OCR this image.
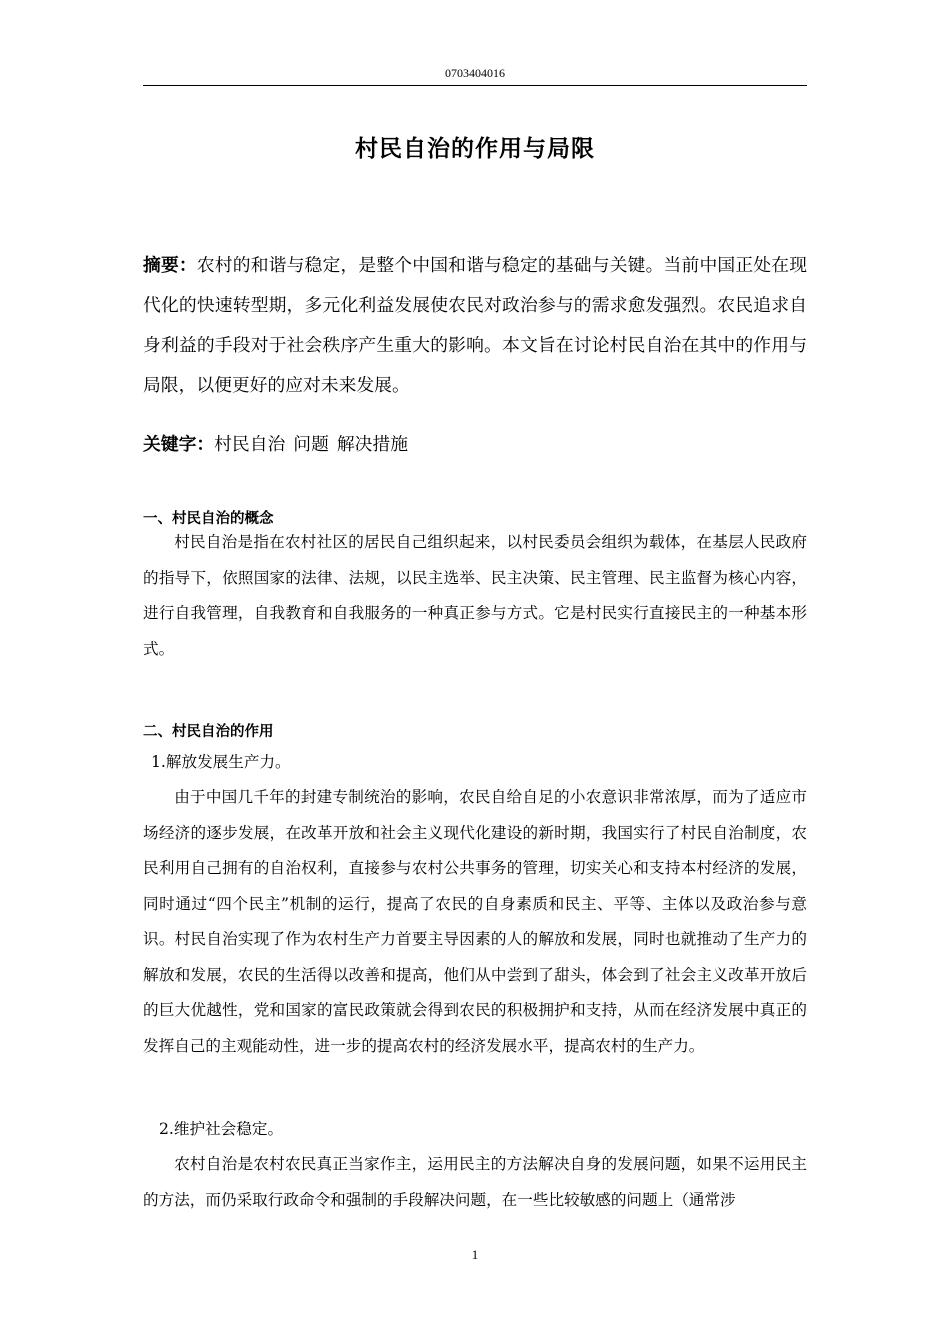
0703404016
村民自治的作用与局限
摘要：农村的和谐与稳定，是整个中国和谐与稳定的基础与关键。当前中国正处在现代化的快速转型期，多元化利益发展使农民对政治参与的需求愈发强烈。农民追求自身利益的手段对于社会秩序产生重大的影响。本文旨在讨论村民自治在其中的作用与局限，以便更好的应对未来发展。
关键字：村民自治 问题 解决措施
一、村民自治的概念
村民自治是指在农村社区的居民自己组织起来，以村民委员会组织为载体，在基层人民政府的指导下，依照国家的法律、法规，以民主选举、民主决策、民主管理、民主监督为核心内容，进行自我管理，自我教育和自我服务的一种真正参与方式。它是村民实行直接民主的一种基本形式。
二、村民自治的作用
1.解放发展生产力。
由于中国几千年的封建专制统治的影响，农民自给自足的小农意识非常浓厚，而为了适应市场经济的逐步发展，在改革开放和社会主义现代化建设的新时期，我国实行了村民自治制度，农民利用自己拥有的自治权利，直接参与农村公共事务的管理，切实关心和支持本村经济的发展，同时通过“四个民主”机制的运行，提高了农民的自身素质和民主、平等、主体以及政治参与意识。村民自治实现了作为农村生产力首要主导因素的人的解放和发展，同时也就推动了生产力的解放和发展，农民的生活得以改善和提高，他们从中尝到了甜头，体会到了社会主义改革开放后的巨大优越性，党和国家的富民政策就会得到农民的积极拥护和支持，从而在经济发展中真正的发挥自己的主观能动性，进一步的提高农村的经济发展水平，提高农村的生产力。
2.维护社会稳定。
农村自治是农村农民真正当家作主，运用民主的方法解决自身的发展问题，如果不运用民主的方法，而仍采取行政命令和强制的手段解决问题，在一些比较敏感的问题上（通常涉
1
